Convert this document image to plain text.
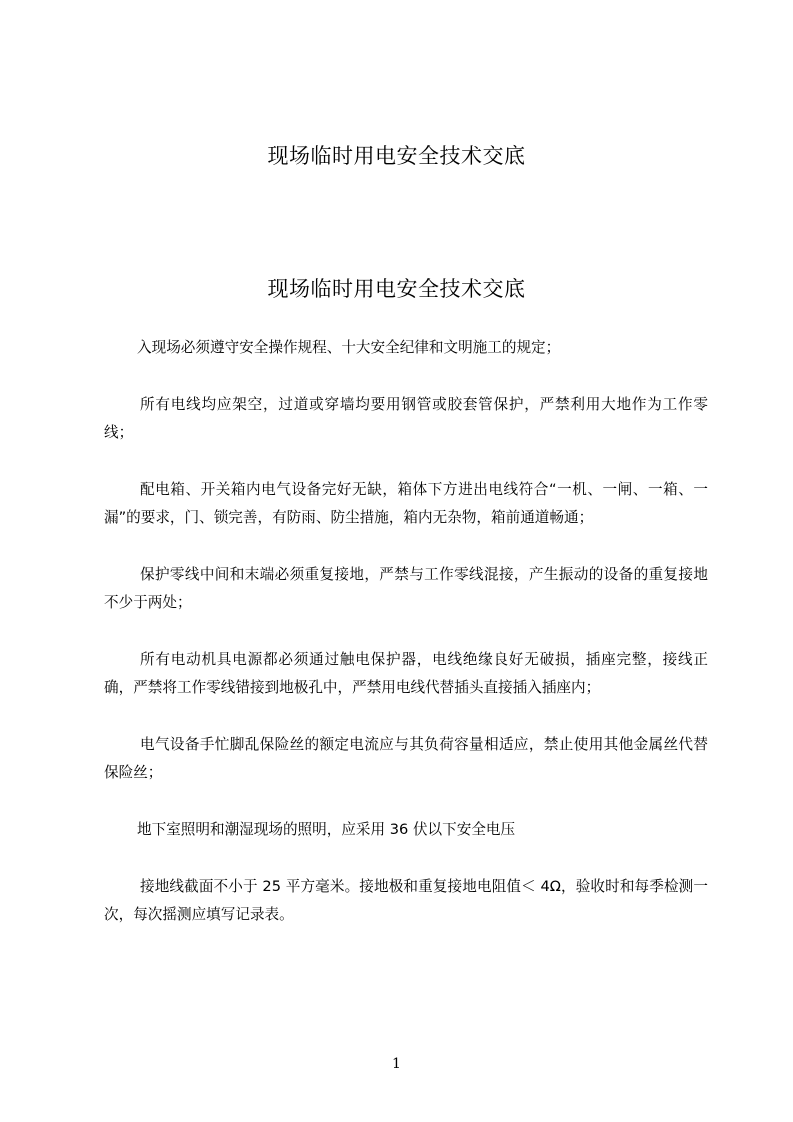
现场临时用电安全技术交底
现场临时用电安全技术交底

入现场必须遵守安全操作规程、十大安全纪律和文明施工的规定；

所有电线均应架空，过道或穿墙均要用钢管或胶套管保护，严禁利用大地作为工作零线；

配电箱、开关箱内电气设备完好无缺，箱体下方进出电线符合“一机、一闸、一箱、一漏”的要求，门、锁完善，有防雨、防尘措施，箱内无杂物，箱前通道畅通；

保护零线中间和末端必须重复接地，严禁与工作零线混接，产生振动的设备的重复接地不少于两处；

所有电动机具电源都必须通过触电保护器，电线绝缘良好无破损，插座完整，接线正确，严禁将工作零线错接到地极孔中，严禁用电线代替插头直接插入插座内；

电气设备手忙脚乱保险丝的额定电流应与其负荷容量相适应，禁止使用其他金属丝代替保险丝；

地下室照明和潮湿现场的照明，应采用 36 伏以下安全电压

接地线截面不小于 25 平方毫米。接地极和重复接地电阻值＜ 4Ω，验收时和每季检测一次，每次摇测应填写记录表。

1
